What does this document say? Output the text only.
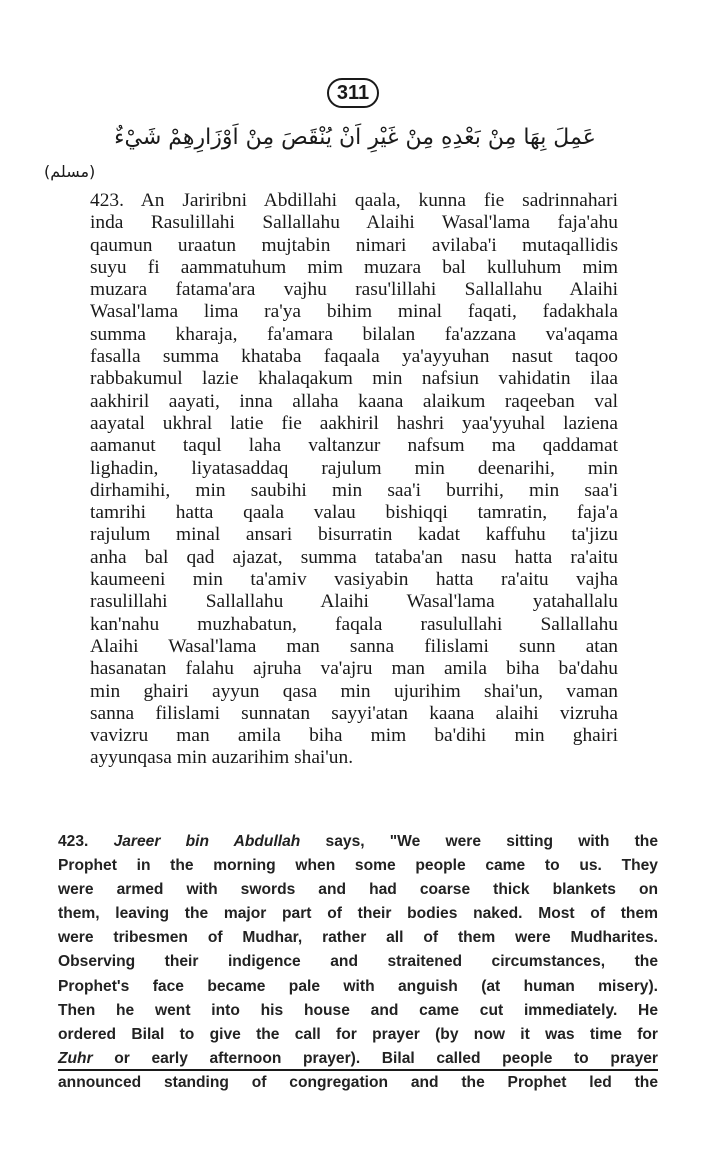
311
عَمِلَ بِهَا مِنْ بَعْدِهِ مِنْ غَيْرِ اَنْ يُنْقَصَ مِنْ اَوْزَارِهِمْ شَيْءٌ
(مسلم)
423. An Jariribni Abdillahi qaala, kunna fie sadrinnahari
inda Rasulillahi Sallallahu Alaihi Wasal'lama faja'ahu
qaumun uraatun mujtabin nimari avilaba'i mutaqallidis
suyu fi aammatuhum mim muzara bal kulluhum mim
muzara fatama'ara vajhu rasu'lillahi Sallallahu Alaihi
Wasal'lama lima ra'ya bihim minal faqati, fadakhala
summa kharaja, fa'amara bilalan fa'azzana va'aqama
fasalla summa khataba faqaala ya'ayyuhan nasut taqoo
rabbakumul lazie khalaqakum min nafsiun vahidatin ilaa
aakhiril aayati, inna allaha kaana alaikum raqeeban val
aayatal ukhral latie fie aakhiril hashri yaa'yyuhal laziena
aamanut taqul laha valtanzur nafsum ma qaddamat
lighadin, liyatasaddaq rajulum min deenarihi, min
dirhamihi, min saubihi min saa'i burrihi, min saa'i
tamrihi hatta qaala valau bishiqqi tamratin, faja'a
rajulum minal ansari bisurratin kadat kaffuhu ta'jizu
anha bal qad ajazat, summa tataba'an nasu hatta ra'aitu
kaumeeni min ta'amiv vasiyabin hatta ra'aitu vajha
rasulillahi Sallallahu Alaihi Wasal'lama yatahallalu
kan'nahu muzhabatun, faqala rasulullahi Sallallahu
Alaihi Wasal'lama man sanna filislami sunn atan
hasanatan falahu ajruha va'ajru man amila biha ba'dahu
min ghairi ayyun qasa min ujurihim shai'un, vaman
sanna filislami sunnatan sayyi'atan kaana alaihi vizruha
vavizru man amila biha mim ba'dihi min ghairi
ayyunqasa min auzarihim shai'un.
423. Jareer bin Abdullah says, "We were sitting with the
Prophet in the morning when some people came to us. They
were armed with swords and had coarse thick blankets on
them, leaving the major part of their bodies naked. Most of them
were tribesmen of Mudhar, rather all of them were Mudharites.
Observing their indigence and straitened circumstances, the
Prophet's face became pale with anguish (at human misery).
Then he went into his house and came cut immediately. He
ordered Bilal to give the call for prayer (by now it was time for
Zuhr or early afternoon prayer). Bilal called people to prayer
announced standing of congregation and the Prophet led the
